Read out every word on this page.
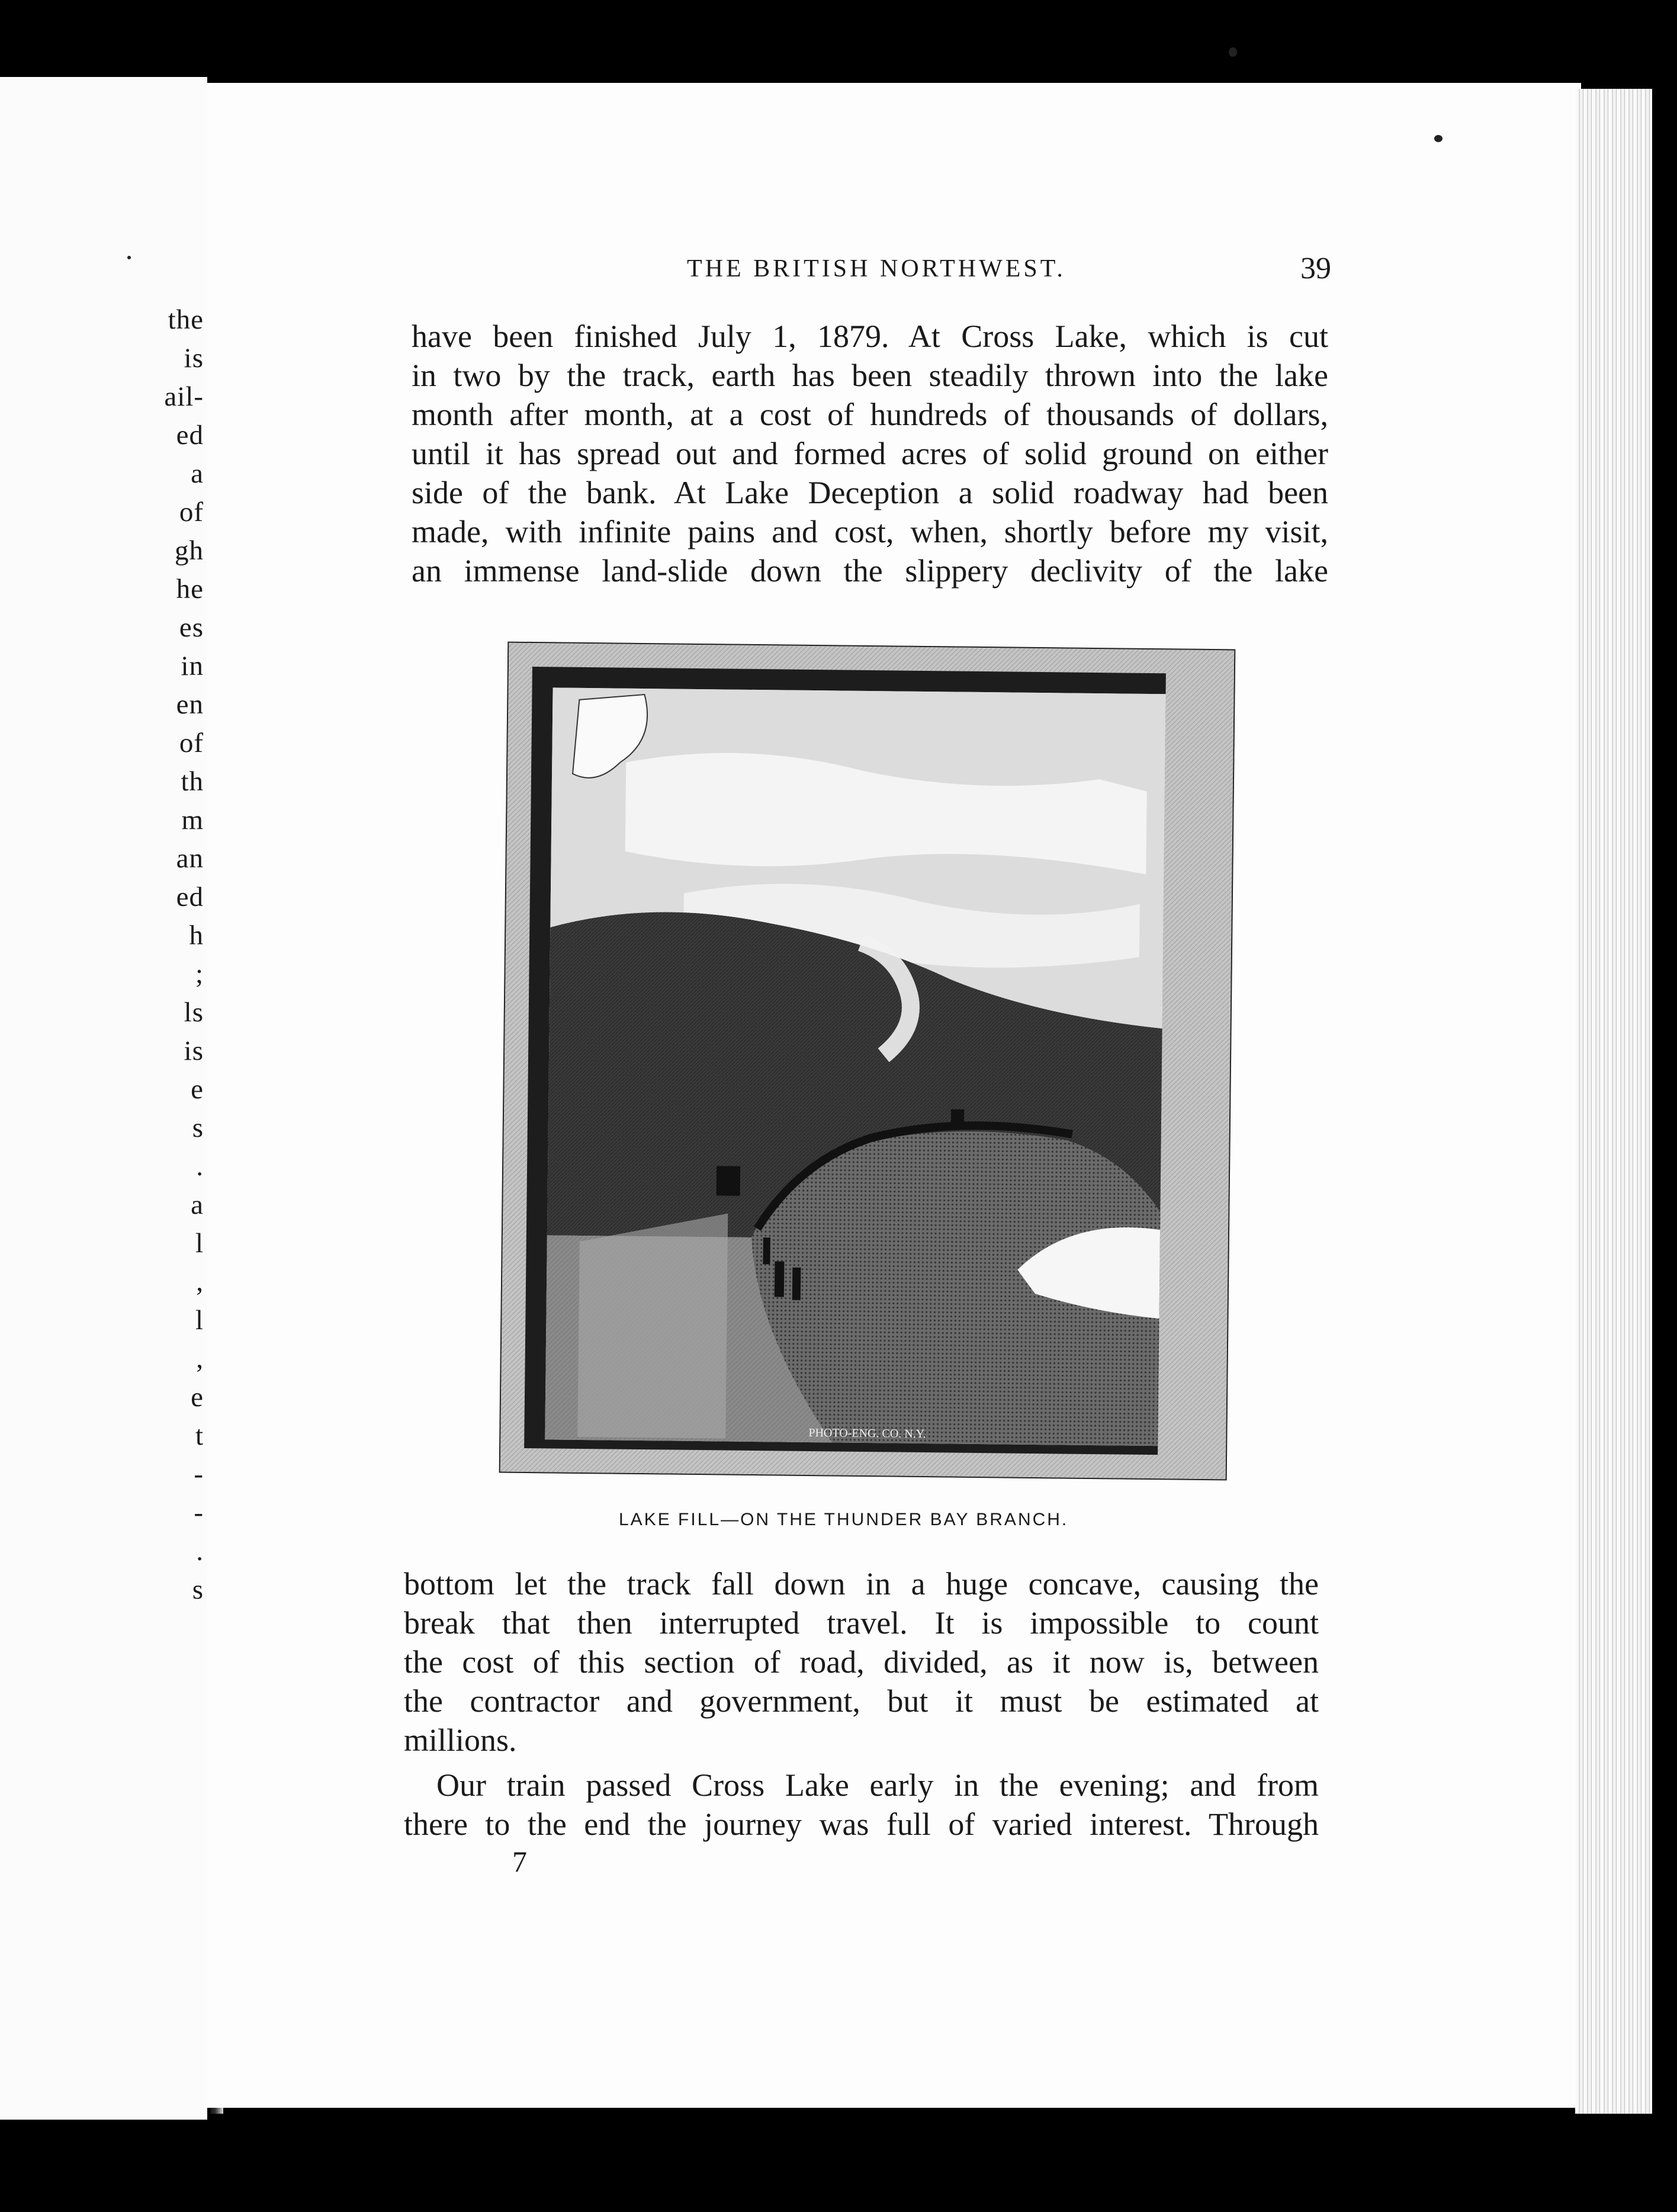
the
is
ail-
ed
a
of
gh
he
es
in
en
of
th
m
an
ed
h
;
ls
is
e
s
.
a
l
,
l
,
e
t
-
-
.
s
THE BRITISH NORTHWEST.	39
have been finished July 1, 1879. At Cross Lake, which is cut
in two by the track, earth has been steadily thrown into the lake
month after month, at a cost of hundreds of thousands of dollars,
until it has spread out and formed acres of solid ground on either
side of the bank. At Lake Deception a solid roadway had been
made, with infinite pains and cost, when, shortly before my visit,
an immense land-slide down the slippery declivity of the lake
PHOTO-ENG. CO. N.Y.
LAKE FILL—ON THE THUNDER BAY BRANCH.
bottom let the track fall down in a huge concave, causing the
break that then interrupted travel. It is impossible to count
the cost of this section of road, divided, as it now is, between
the contractor and government, but it must be estimated at
millions.
Our train passed Cross Lake early in the evening; and from
there to the end the journey was full of varied interest. Through
7
